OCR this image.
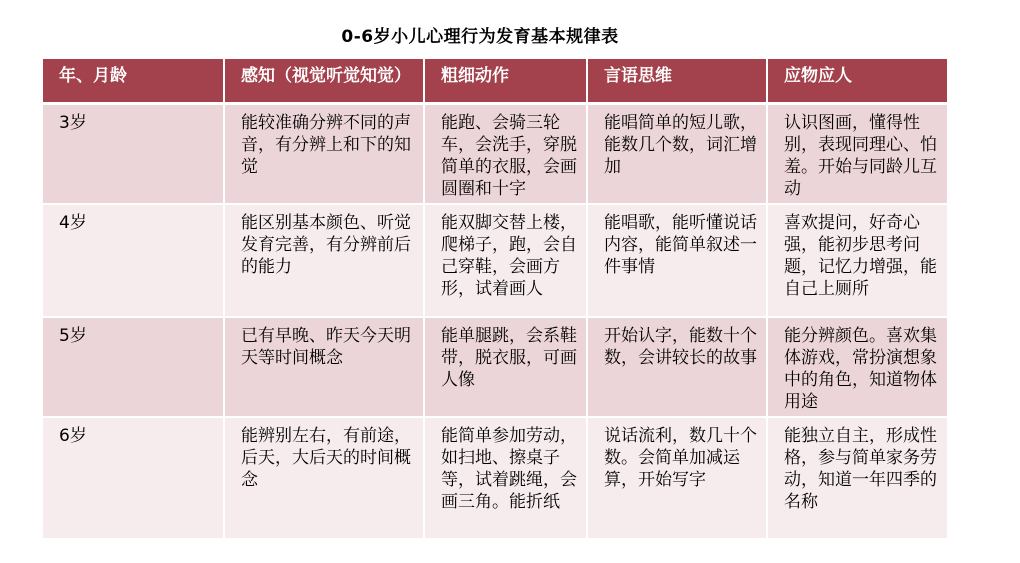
0-6岁小儿心理行为发育基本规律表
年、月龄	感知（视觉听觉知觉）	粗细动作	言语思维	应物应人
3岁	能较准确分辨不同的声音，有分辨上和下的知觉	能跑、会骑三轮车，会洗手，穿脱简单的衣服，会画圆圈和十字	能唱简单的短儿歌，能数几个数，词汇增加	认识图画，懂得性别，表现同理心、怕羞。开始与同龄儿互动
4岁	能区别基本颜色、听觉发育完善，有分辨前后的能力	能双脚交替上楼，爬梯子，跑，会自己穿鞋，会画方形，试着画人	能唱歌，能听懂说话内容，能简单叙述一件事情	喜欢提问，好奇心强，能初步思考问题，记忆力增强，能自己上厕所
5岁	已有早晚、昨天今天明天等时间概念	能单腿跳，会系鞋带，脱衣服，可画人像	开始认字，能数十个数，会讲较长的故事	能分辨颜色。喜欢集体游戏，常扮演想象中的角色，知道物体用途
6岁	能辨别左右，有前途，后天，大后天的时间概念	能简单参加劳动，如扫地、擦桌子 等，试着跳绳，会画三角。能折纸	说话流利，数几十个数。会简单加减运算，开始写字	能独立自主，形成性格，参与简单家务劳动，知道一年四季的名称
